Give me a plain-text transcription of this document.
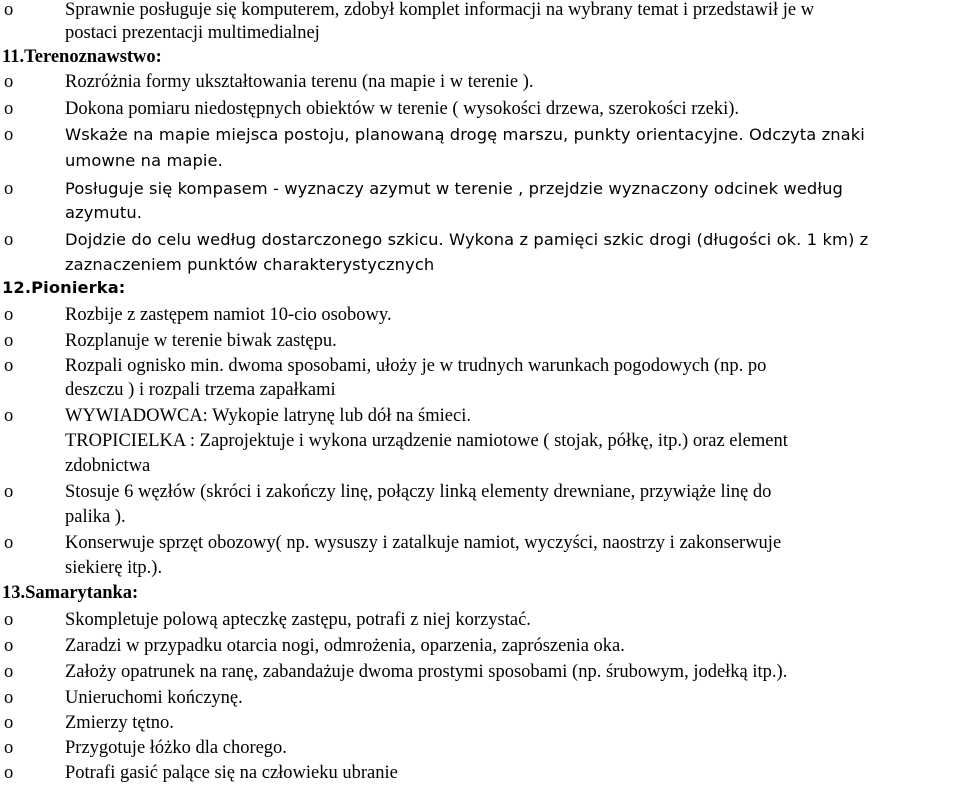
o	Sprawnie posługuje się komputerem, zdobył komplet informacji na wybrany temat i przedstawił je w
postaci prezentacji multimedialnej
11.Terenoznawstwo:
o	Rozróżnia formy ukształtowania terenu (na mapie i w terenie ).
o	Dokona pomiaru niedostępnych obiektów w terenie ( wysokości drzewa, szerokości rzeki).
o	Wskaże na mapie miejsca postoju, planowaną drogę marszu, punkty orientacyjne. Odczyta znaki
umowne na mapie.
o	Posługuje się kompasem - wyznaczy azymut w terenie , przejdzie wyznaczony odcinek według
azymutu.
o	Dojdzie do celu według dostarczonego szkicu. Wykona z pamięci szkic drogi (długości ok. 1 km) z
zaznaczeniem punktów charakterystycznych
12.Pionierka:
o	Rozbije z zastępem namiot 10-cio osobowy.
o	Rozplanuje w terenie biwak zastępu.
o	Rozpali ognisko min. dwoma sposobami, ułoży je w trudnych warunkach pogodowych (np. po
deszczu ) i rozpali trzema zapałkami
o	WYWIADOWCA: Wykopie latrynę lub dół na śmieci.
TROPICIELKA : Zaprojektuje i wykona urządzenie namiotowe ( stojak, półkę, itp.) oraz element
zdobnictwa
o	Stosuje 6 węzłów (skróci i zakończy linę, połączy linką elementy drewniane, przywiąże linę do
palika ).
o	Konserwuje sprzęt obozowy( np. wysuszy i zatalkuje namiot, wyczyści, naostrzy i zakonserwuje
siekierę itp.).
13.Samarytanka:
o	Skompletuje polową apteczkę zastępu, potrafi z niej korzystać.
o	Zaradzi w przypadku otarcia nogi, odmrożenia, oparzenia, zaprószenia oka.
o	Założy opatrunek na ranę, zabandażuje dwoma prostymi sposobami (np. śrubowym, jodełką itp.).
o	Unieruchomi kończynę.
o	Zmierzy tętno.
o	Przygotuje łóżko dla chorego.
o	Potrafi gasić palące się na człowieku ubranie
